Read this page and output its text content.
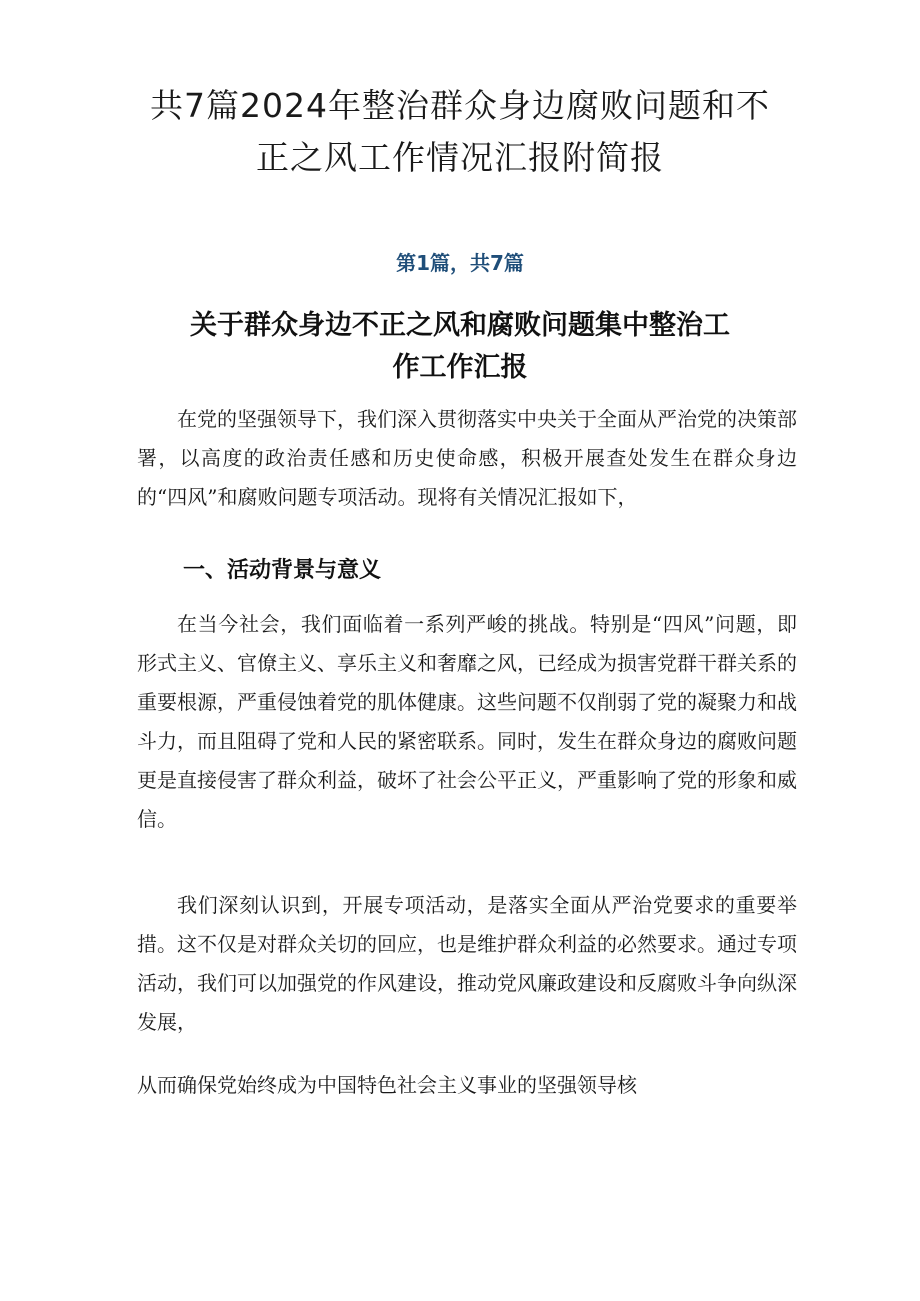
共7篇2024年整治群众身边腐败问题和不
正之风工作情况汇报附简报
第1篇，共7篇
关于群众身边不正之风和腐败问题集中整治工
作工作汇报

在党的坚强领导下，我们深入贯彻落实中央关于全面从严治党的决策部署，以高度的政治责任感和历史使命感，积极开展查处发生在群众身边的“四风”和腐败问题专项活动。现将有关情况汇报如下，

一、活动背景与意义

在当今社会，我们面临着一系列严峻的挑战。特别是“四风”问题，即形式主义、官僚主义、享乐主义和奢靡之风，已经成为损害党群干群关系的重要根源，严重侵蚀着党的肌体健康。这些问题不仅削弱了党的凝聚力和战斗力，而且阻碍了党和人民的紧密联系。同时，发生在群众身边的腐败问题更是直接侵害了群众利益，破坏了社会公平正义，严重影响了党的形象和威信。

我们深刻认识到，开展专项活动，是落实全面从严治党要求的重要举措。这不仅是对群众关切的回应，也是维护群众利益的必然要求。通过专项活动，我们可以加强党的作风建设，推动党风廉政建设和反腐败斗争向纵深发展，

从而确保党始终成为中国特色社会主义事业的坚强领导核
